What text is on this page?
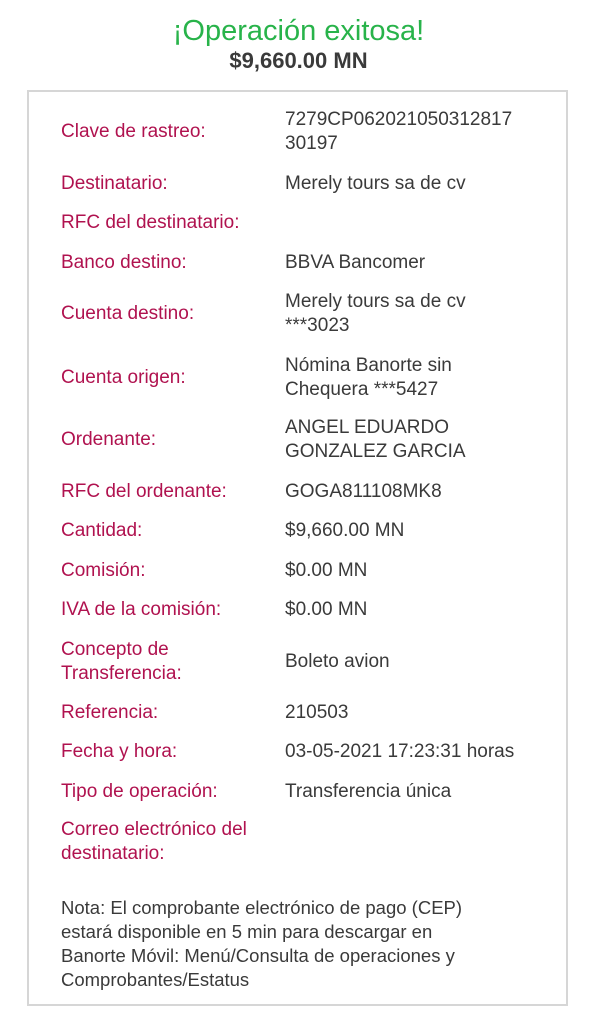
¡Operación exitosa!
$9,660.00 MN
Clave de rastreo:
7279CP062021050312817
30197
Destinatario:	Merely tours sa de cv
RFC del destinatario:
Banco destino:	BBVA Bancomer
Cuenta destino:
Merely tours sa de cv
***3023
Cuenta origen:
Nómina Banorte sin
Chequera ***5427
Ordenante:
ANGEL EDUARDO
GONZALEZ GARCIA
RFC del ordenante:	GOGA811108MK8
Cantidad:	$9,660.00 MN
Comisión:	$0.00 MN
IVA de la comisión:	$0.00 MN
Concepto de
Transferencia:
Boleto avion
Referencia:	210503
Fecha y hora:	03-05-2021 17:23:31 horas
Tipo de operación:	Transferencia única
Correo electrónico del
destinatario:
Nota: El comprobante electrónico de pago (CEP)
estará disponible en 5 min para descargar en
Banorte Móvil: Menú/Consulta de operaciones y
Comprobantes/Estatus
